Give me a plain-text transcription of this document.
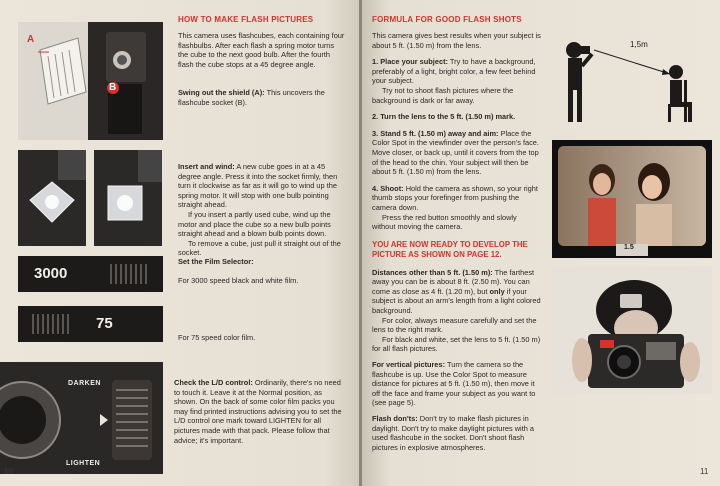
A
B
HOW TO MAKE FLASH PICTURES

This camera uses flashcubes, each containing four flashbulbs. After each flash a spring motor turns the cube to the next good bulb. After the fourth flash the cube stops at a 45 degree angle.

Swing out the shield (A): This uncovers the flashcube socket (B).

Insert and wind: A new cube goes in at a 45 degree angle. Press it into the socket firmly, then turn it clockwise as far as it will go to wind up the spring motor. It will stop with one bulb pointing straight ahead.

If you insert a partly used cube, wind up the motor and place the cube so a new bulb points straight ahead and a blown bulb points down.

To remove a cube, just pull it straight out of the socket.

3000

Set the Film Selector:

For 3000 speed black and white film.

75

For 75 speed color film.

DARKEN
LIGHTEN

Check the L/D control: Ordinarily, there's no need to touch it. Leave it at the Normal position, as shown. On the back of some color film packs you may find printed instructions advising you to set the L/D control one mark toward LIGHTEN for all pictures made with that pack. Please follow that advice; it's important.

10
FORMULA FOR GOOD FLASH SHOTS

This camera gives best results when your subject is about 5 ft. (1.50 m) from the lens.

1. Place your subject: Try to have a background, preferably of a light, bright color, a few feet behind your subject.

Try not to shoot flash pictures where the background is dark or far away.

2. Turn the lens to the 5 ft. (1.50 m) mark.

3. Stand 5 ft. (1.50 m) away and aim: Place the Color Spot in the viewfinder over the person's face. Move closer, or back up, until it covers from the top of the head to the chin. Your subject will then be about 5 ft. (1.50 m) from the lens.

4. Shoot: Hold the camera as shown, so your right thumb stops your forefinger from pushing the camera down.

Press the red button smoothly and slowly without moving the camera.

YOU ARE NOW READY TO DEVELOP THE PICTURE AS SHOWN ON PAGE 12.

Distances other than 5 ft. (1.50 m): The farthest away you can be is about 8 ft. (2.50 m). You can come as close as 4 ft. (1.20 m), but only if your subject is about an arm's length from a light colored background.

For color, always measure carefully and set the lens to the right mark.

For black and white, set the lens to 5 ft. (1.50 m) for all flash pictures.

For vertical pictures: Turn the camera so the flashcube is up. Use the Color Spot to measure distance for pictures at 5 ft. (1.50 m), then move it off the face and frame your subject as you want to (see page 5).

Flash don'ts: Don't try to make flash pictures in daylight. Don't try to make daylight pictures with a used flashcube in the socket. Don't shoot flash pictures in explosive atmospheres.

1,5m
1.5
11
